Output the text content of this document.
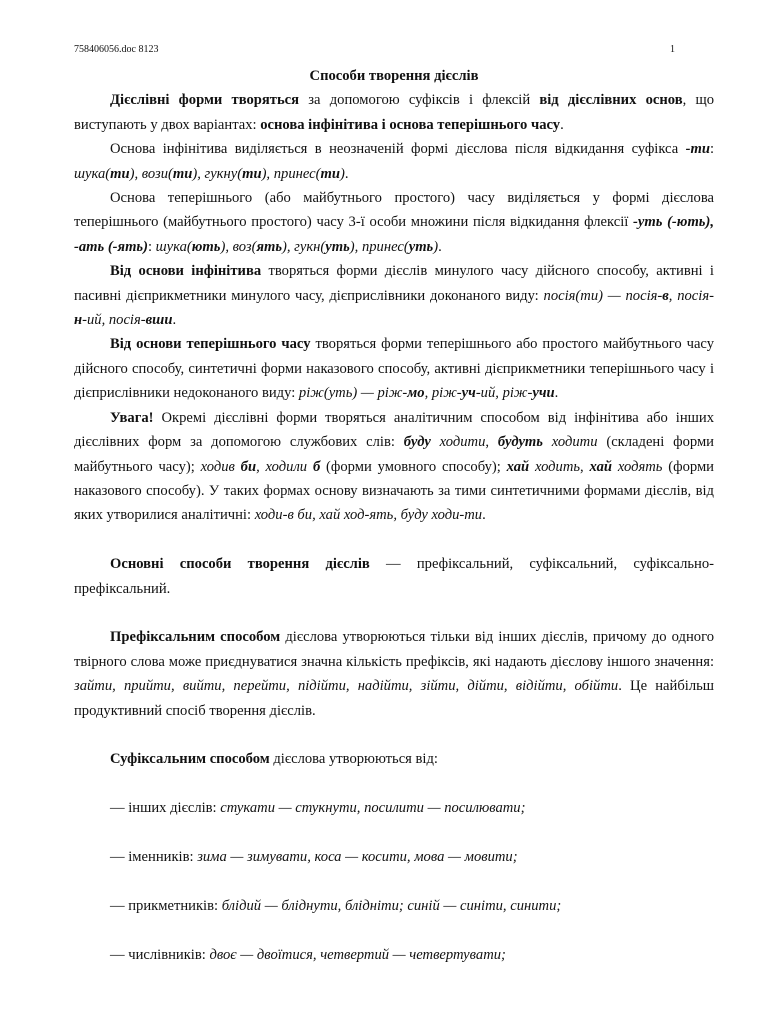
758406056.doc 8123	1
Способи творення дієслів

Дієслівні форми творяться за допомогою суфіксів і флексій від дієслівних основ, що виступають у двох варіантах: основа інфінітива і основа теперішнього часу.

Основа інфінітива виділяється в неозначеній формі дієслова після відкидання суфікса -ти: шука(ти), вози(ти), гукну(ти), принес(ти).

Основа теперішнього (або майбутнього простого) часу виділяється у формі дієслова теперішнього (майбутнього простого) часу 3-ї особи множини після відкидання флексії -уть (-ють), -ать (-ять): шука(ють), воз(ять), гукн(уть), принес(уть).

Від основи інфінітива творяться форми дієслів минулого часу дійсного способу, активні і пасивні дієприкметники минулого часу, дієприслівники доконаного виду: посія(ти) — посія-в, посія-н-ий, посія-вши.

Від основи теперішнього часу творяться форми теперішнього або простого майбутнього часу дійсного способу, синтетичні форми наказового способу, активні дієприкметники теперішнього часу і дієприслівники недоконаного виду: ріж(уть) — ріж-мо, ріж-уч-ий, ріж-учи.

Увага! Окремі дієслівні форми творяться аналітичним способом від інфінітива або інших дієслівних форм за допомогою службових слів: буду ходити, будуть ходити (складені форми майбутнього часу); ходив би, ходили б (форми умовного способу); хай ходить, хай ходять (форми наказового способу). У таких формах основу визначають за тими синтетичними формами дієслів, від яких утворилися аналітичні: ходи-в би, хай ход-ять, буду ходи-ти.

Основні способи творення дієслів — префіксальний, суфіксальний, суфіксально-префіксальний.

Префіксальним способом дієслова утворюються тільки від інших дієслів, причому до одного твірного слова може приєднуватися значна кількість префіксів, які надають дієслову іншого значення: зайти, прийти, вийти, перейти, підійти, надійти, зійти, дійти, відійти, обійти. Це найбільш продуктивний спосіб творення дієслів.

Суфіксальним способом дієслова утворюються від:

— інших дієслів: стукати — стукнути, посилити — посилювати;

— іменників: зима — зимувати, коса — косити, мова — мовити;

— прикметників: блідий — бліднути, блідніти; синій — синіти, синити;

— числівників: двоє — двоїтися, четвертий — четвертувати;
